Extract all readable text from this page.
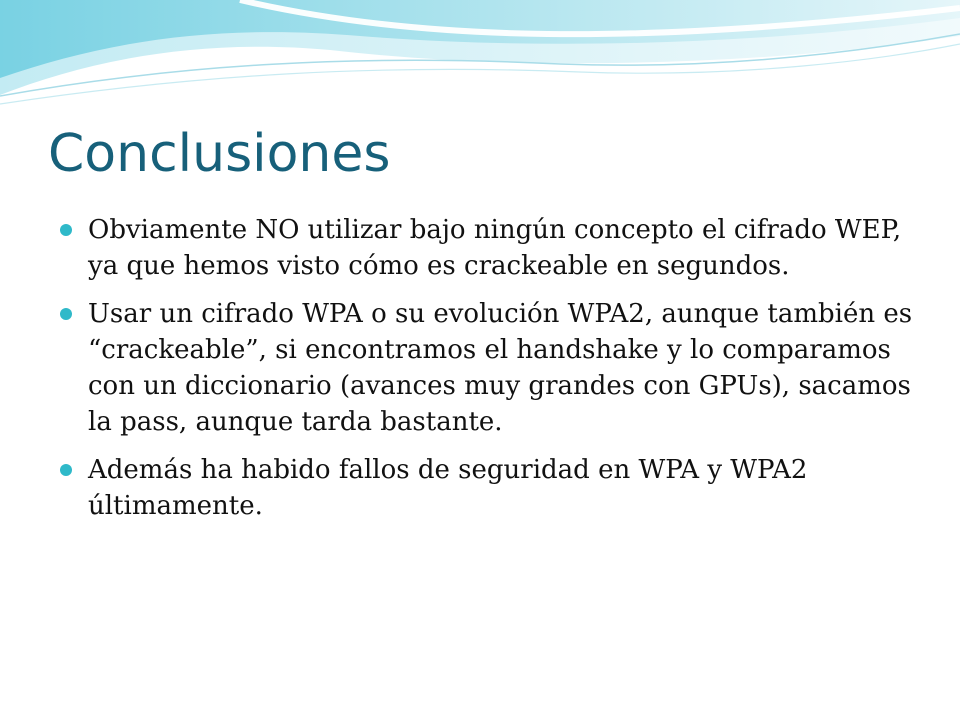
Conclusiones
Obviamente NO utilizar bajo ningún concepto el cifrado WEP, ya que hemos visto cómo es crackeable en segundos.
Usar un cifrado WPA o su evolución WPA2, aunque también es “crackeable”, si encontramos el handshake y lo comparamos con un diccionario (avances muy grandes con GPUs), sacamos la pass, aunque tarda bastante.
Además ha habido fallos de seguridad en WPA y WPA2 últimamente.
